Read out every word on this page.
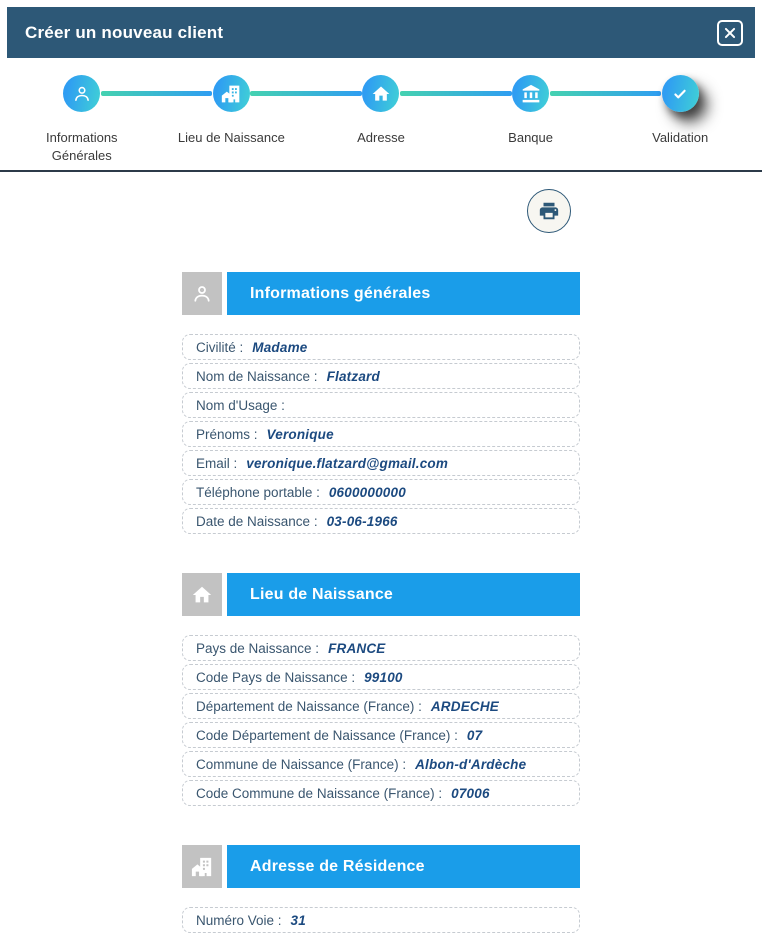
Créer un nouveau client
Informations Générales
Lieu de Naissance	Adresse	Banque	Validation
Informations générales
Civilité : Madame
Nom de Naissance : Flatzard
Nom d'Usage :
Prénoms : Veronique
Email : veronique.flatzard@gmail.com
Téléphone portable : 0600000000
Date de Naissance : 03-06-1966
Lieu de Naissance
Pays de Naissance : FRANCE
Code Pays de Naissance : 99100
Département de Naissance (France) : ARDECHE
Code Département de Naissance (France) : 07
Commune de Naissance (France) : Albon-d'Ardèche
Code Commune de Naissance (France) : 07006
Adresse de Résidence
Numéro Voie : 31
